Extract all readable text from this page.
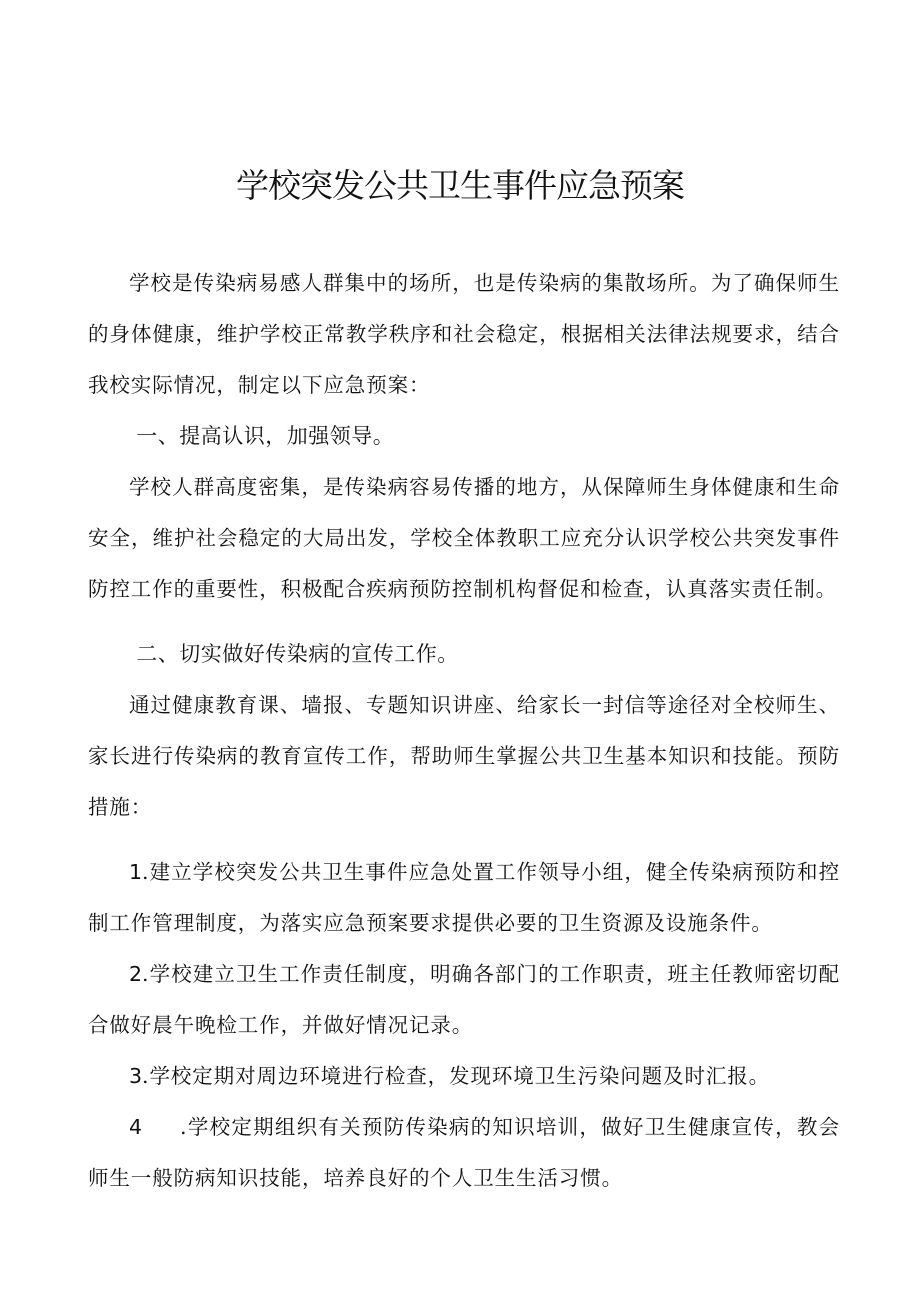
学校突发公共卫生事件应急预案

学校是传染病易感人群集中的场所，也是传染病的集散场所。为了确保师生的身体健康，维护学校正常教学秩序和社会稳定，根据相关法律法规要求，结合我校实际情况，制定以下应急预案：

一、提高认识，加强领导。

学校人群高度密集，是传染病容易传播的地方，从保障师生身体健康和生命安全，维护社会稳定的大局出发，学校全体教职工应充分认识学校公共突发事件防控工作的重要性，积极配合疾病预防控制机构督促和检查，认真落实责任制。

二、切实做好传染病的宣传工作。

通过健康教育课、墙报、专题知识讲座、给家长一封信等途径对全校师生、家长进行传染病的教育宣传工作，帮助师生掌握公共卫生基本知识和技能。预防措施：

1.建立学校突发公共卫生事件应急处置工作领导小组，健全传染病预防和控制工作管理制度，为落实应急预案要求提供必要的卫生资源及设施条件。

2.学校建立卫生工作责任制度，明确各部门的工作职责，班主任教师密切配合做好晨午晚检工作，并做好情况记录。

3.学校定期对周边环境进行检查，发现环境卫生污染问题及时汇报。

4 .学校定期组织有关预防传染病的知识培训，做好卫生健康宣传，教会师生一般防病知识技能，培养良好的个人卫生生活习惯。
